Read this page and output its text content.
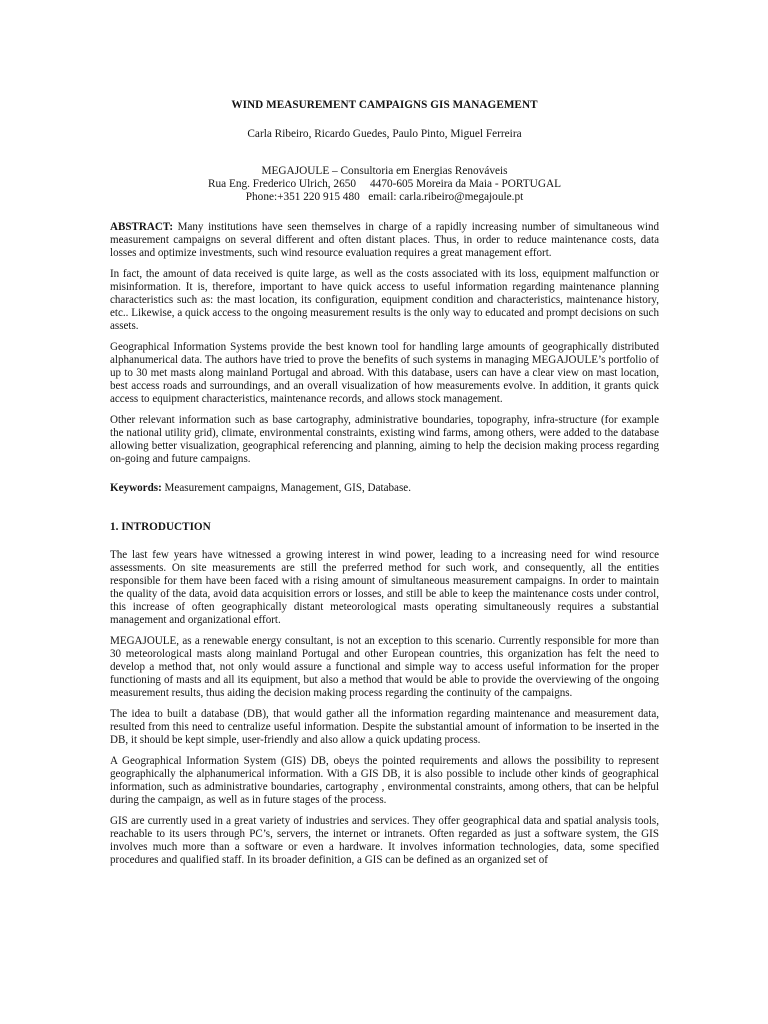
WIND MEASUREMENT CAMPAIGNS GIS MANAGEMENT
Carla Ribeiro, Ricardo Guedes, Paulo Pinto, Miguel Ferreira
MEGAJOULE – Consultoria em Energias Renováveis
Rua Eng. Frederico Ulrich, 2650 4470-605 Moreira da Maia - PORTUGAL
Phone:+351 220 915 480 email: carla.ribeiro@megajoule.pt

ABSTRACT: Many institutions have seen themselves in charge of a rapidly increasing number of simultaneous wind measurement campaigns on several different and often distant places. Thus, in order to reduce maintenance costs, data losses and optimize investments, such wind resource evaluation requires a great management effort.

In fact, the amount of data received is quite large, as well as the costs associated with its loss, equipment malfunction or misinformation. It is, therefore, important to have quick access to useful information regarding maintenance planning characteristics such as: the mast location, its configuration, equipment condition and characteristics, maintenance history, etc.. Likewise, a quick access to the ongoing measurement results is the only way to educated and prompt decisions on such assets.

Geographical Information Systems provide the best known tool for handling large amounts of geographically distributed alphanumerical data. The authors have tried to prove the benefits of such systems in managing MEGAJOULE’s portfolio of up to 30 met masts along mainland Portugal and abroad. With this database, users can have a clear view on mast location, best access roads and surroundings, and an overall visualization of how measurements evolve. In addition, it grants quick access to equipment characteristics, maintenance records, and allows stock management.

Other relevant information such as base cartography, administrative boundaries, topography, infra-structure (for example the national utility grid), climate, environmental constraints, existing wind farms, among others, were added to the database allowing better visualization, geographical referencing and planning, aiming to help the decision making process regarding on-going and future campaigns.

Keywords: Measurement campaigns, Management, GIS, Database.
1. INTRODUCTION

The last few years have witnessed a growing interest in wind power, leading to a increasing need for wind resource assessments. On site measurements are still the preferred method for such work, and consequently, all the entities responsible for them have been faced with a rising amount of simultaneous measurement campaigns. In order to maintain the quality of the data, avoid data acquisition errors or losses, and still be able to keep the maintenance costs under control, this increase of often geographically distant meteorological masts operating simultaneously requires a substantial management and organizational effort.

MEGAJOULE, as a renewable energy consultant, is not an exception to this scenario. Currently responsible for more than 30 meteorological masts along mainland Portugal and other European countries, this organization has felt the need to develop a method that, not only would assure a functional and simple way to access useful information for the proper functioning of masts and all its equipment, but also a method that would be able to provide the overviewing of the ongoing measurement results, thus aiding the decision making process regarding the continuity of the campaigns.

The idea to built a database (DB), that would gather all the information regarding maintenance and measurement data, resulted from this need to centralize useful information. Despite the substantial amount of information to be inserted in the DB, it should be kept simple, user-friendly and also allow a quick updating process.

A Geographical Information System (GIS) DB, obeys the pointed requirements and allows the possibility to represent geographically the alphanumerical information. With a GIS DB, it is also possible to include other kinds of geographical information, such as administrative boundaries, cartography , environmental constraints, among others, that can be helpful during the campaign, as well as in future stages of the process.

GIS are currently used in a great variety of industries and services. They offer geographical data and spatial analysis tools, reachable to its users through PC’s, servers, the internet or intranets. Often regarded as just a software system, the GIS involves much more than a software or even a hardware. It involves information technologies, data, some specified procedures and qualified staff. In its broader definition, a GIS can be defined as an organized set of
